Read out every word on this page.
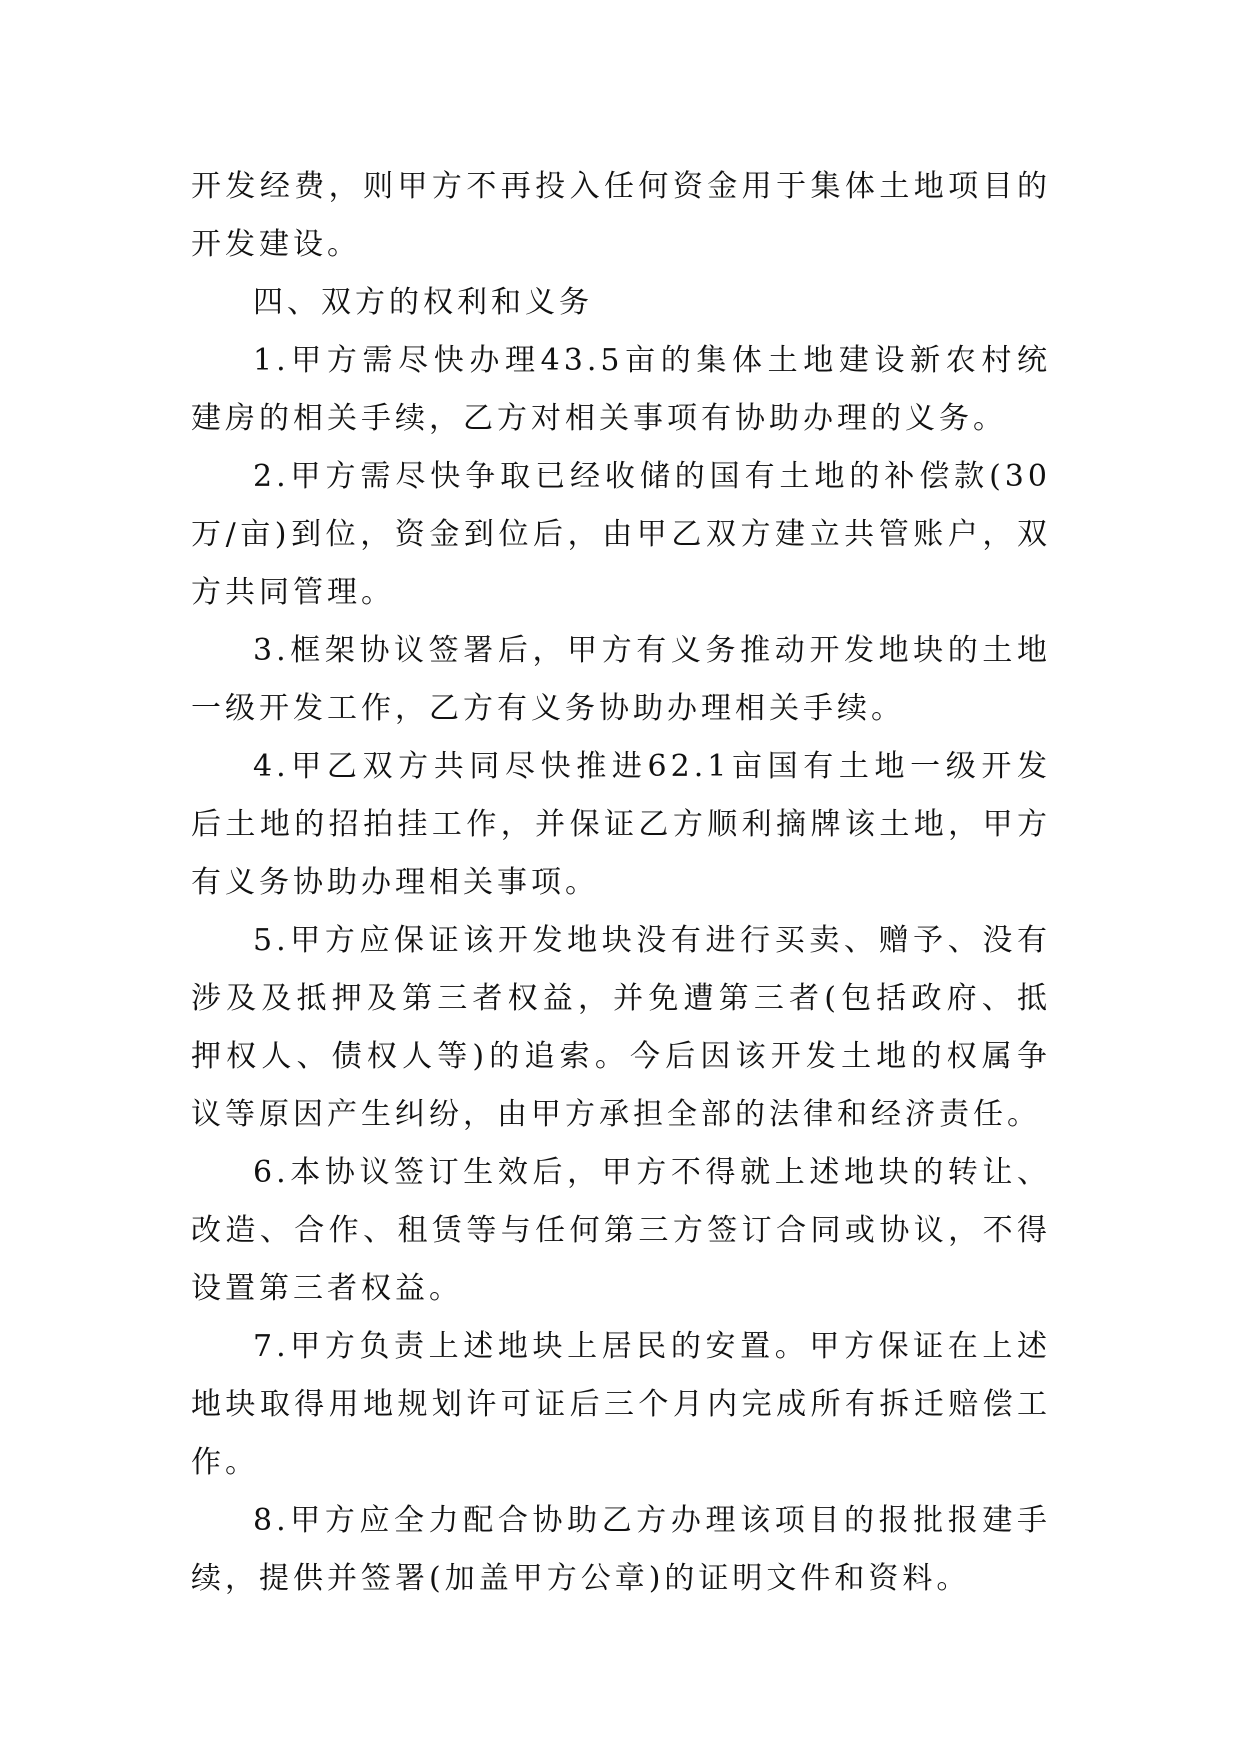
开发经费，则甲方不再投入任何资金用于集体土地项目的开发建设。

四、双方的权利和义务

1.甲方需尽快办理43.5亩的集体土地建设新农村统建房的相关手续，乙方对相关事项有协助办理的义务。

2.甲方需尽快争取已经收储的国有土地的补偿款(30万/亩)到位，资金到位后，由甲乙双方建立共管账户，双方共同管理。

3.框架协议签署后，甲方有义务推动开发地块的土地一级开发工作，乙方有义务协助办理相关手续。

4.甲乙双方共同尽快推进62.1亩国有土地一级开发后土地的招拍挂工作，并保证乙方顺利摘牌该土地，甲方有义务协助办理相关事项。

5.甲方应保证该开发地块没有进行买卖、赠予、没有涉及及抵押及第三者权益，并免遭第三者(包括政府、抵押权人、债权人等)的追索。今后因该开发土地的权属争议等原因产生纠纷，由甲方承担全部的法律和经济责任。

6.本协议签订生效后，甲方不得就上述地块的转让、改造、合作、租赁等与任何第三方签订合同或协议，不得设置第三者权益。

7.甲方负责上述地块上居民的安置。甲方保证在上述地块取得用地规划许可证后三个月内完成所有拆迁赔偿工作。

8.甲方应全力配合协助乙方办理该项目的报批报建手续，提供并签署(加盖甲方公章)的证明文件和资料。
